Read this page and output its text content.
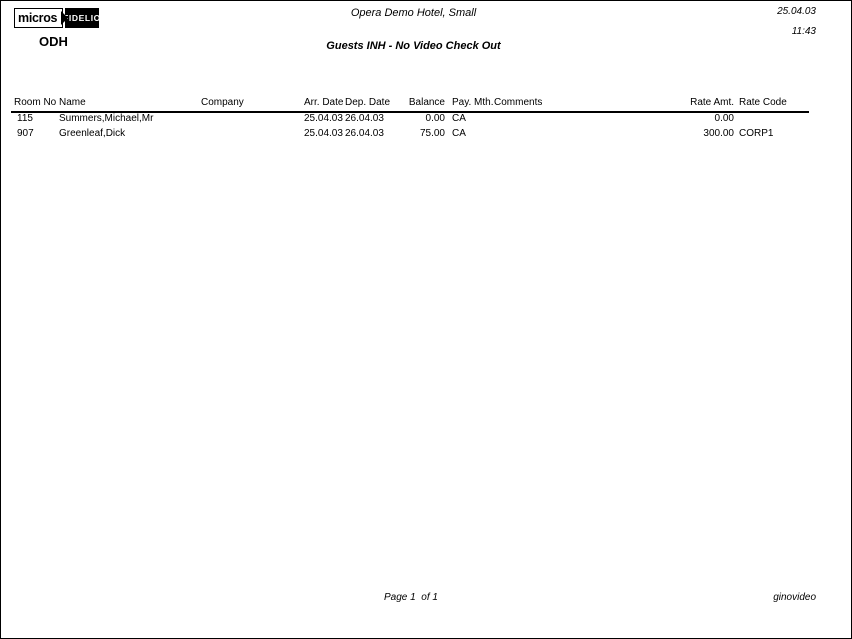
micros FIDELIO
ODH
Opera Demo Hotel, Small
Guests INH - No Video Check Out
25.04.03
11:43
Room No Name	Company	Arr. Date Dep. Date	Balance Pay. Mth. Comments	Rate Amt. Rate Code
115	Summers,Michael,Mr	25.04.03 26.04.03	0.00 CA	0.00
907	Greenleaf,Dick	25.04.03 26.04.03	75.00 CA	300.00 CORP1
Page 1  of 1	ginovideo
